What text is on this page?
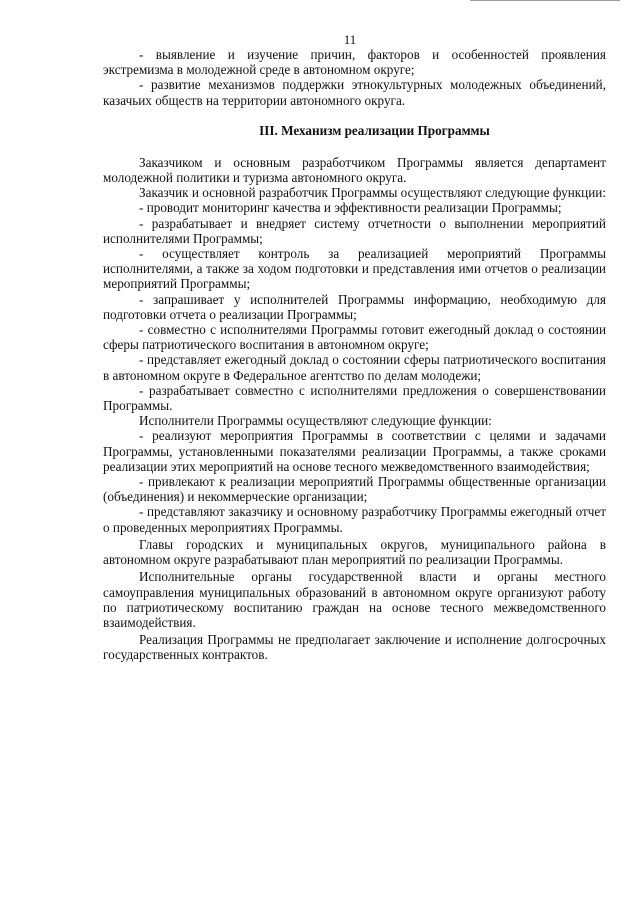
11

- выявление и изучение причин, факторов и особенностей проявления экстремизма в молодежной среде в автономном округе;

- развитие механизмов поддержки этнокультурных молодежных объединений, казачьих обществ на территории автономного округа.

III. Механизм реализации Программы

Заказчиком и основным разработчиком Программы является департамент молодежной политики и туризма автономного округа.

Заказчик и основной разработчик Программы осуществляют следующие функции:

- проводит мониторинг качества и эффективности реализации Программы;

- разрабатывает и внедряет систему отчетности о выполнении мероприятий исполнителями Программы;

- осуществляет контроль за реализацией мероприятий Программы исполнителями, а также за ходом подготовки и представления ими отчетов о реализации мероприятий Программы;

- запрашивает у исполнителей Программы информацию, необходимую для подготовки отчета о реализации Программы;

- совместно с исполнителями Программы готовит ежегодный доклад о состоянии сферы патриотического воспитания в автономном округе;

- представляет ежегодный доклад о состоянии сферы патриотического воспитания в автономном округе в Федеральное агентство по делам молодежи;

- разрабатывает совместно с исполнителями предложения о совершенствовании Программы.

Исполнители Программы осуществляют следующие функции:

- реализуют мероприятия Программы в соответствии с целями и задачами Программы, установленными показателями реализации Программы, а также сроками реализации этих мероприятий на основе тесного межведомственного взаимодействия;

- привлекают к реализации мероприятий Программы общественные организации (объединения) и некоммерческие организации;

- представляют заказчику и основному разработчику Программы ежегодный отчет о проведенных мероприятиях Программы.

Главы городских и муниципальных округов, муниципального района в автономном округе разрабатывают план мероприятий по реализации Программы.

Исполнительные органы государственной власти и органы местного самоуправления муниципальных образований в автономном округе организуют работу по патриотическому воспитанию граждан на основе тесного межведомственного взаимодействия.

Реализация Программы не предполагает заключение и исполнение долгосрочных государственных контрактов.
